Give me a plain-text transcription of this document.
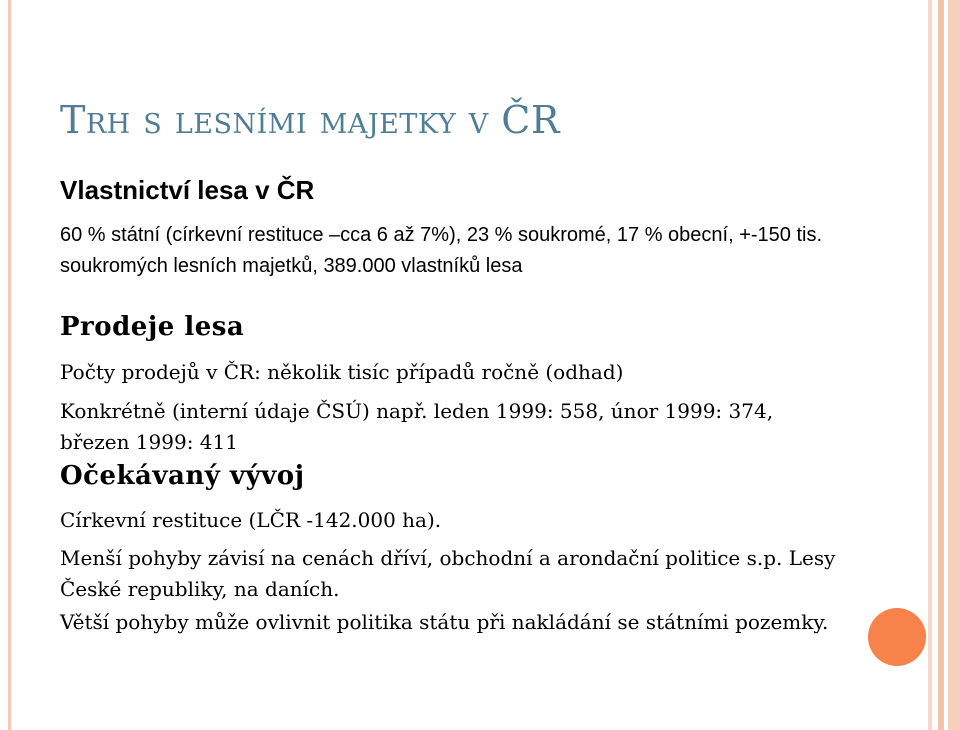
Trh s lesními majetky v ČR
Vlastnictví lesa v ČR

60 % státní (církevní restituce –cca 6 až 7%), 23 % soukromé, 17 % obecní, +-150 tis. soukromých lesních majetků, 389.000 vlastníků lesa

Prodeje lesa

Počty prodejů v ČR: několik tisíc případů ročně (odhad)

Konkrétně (interní údaje ČSÚ) např. leden 1999: 558, únor 1999: 374, březen 1999: 411

Očekávaný vývoj

Církevní restituce (LČR -142.000 ha).

Menší pohyby závisí na cenách dříví, obchodní a arondační politice s.p. Lesy České republiky, na daních.

Větší pohyby může ovlivnit politika státu při nakládání se státními pozemky.
